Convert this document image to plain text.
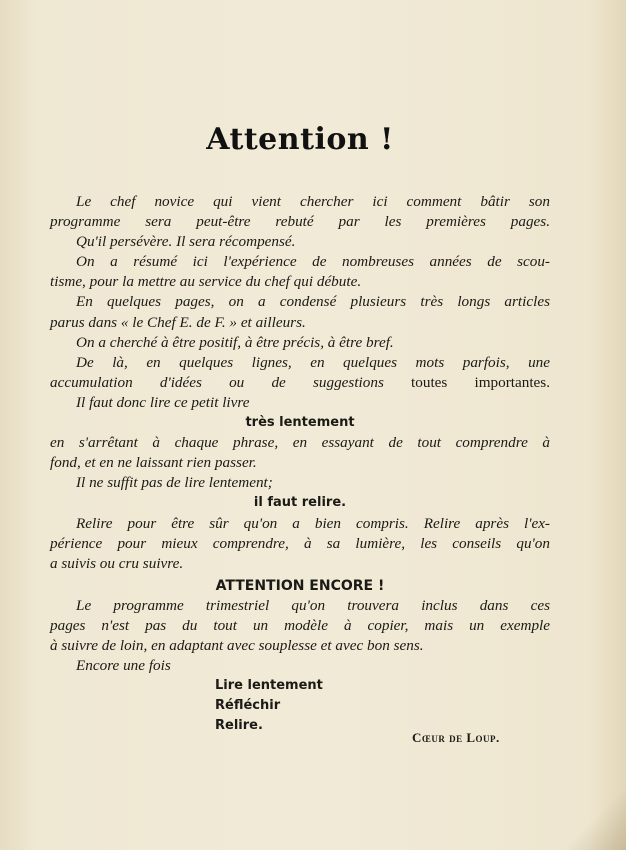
Attention !
Le chef novice qui vient chercher ici comment bâtir son
programme sera peut-être rebuté par les premières pages.
Qu'il persévère. Il sera récompensé.
On a résumé ici l'expérience de nombreuses années de scou-
tisme, pour la mettre au service du chef qui débute.
En quelques pages, on a condensé plusieurs très longs articles
parus dans « le Chef E. de F. » et ailleurs.
On a cherché à être positif, à être précis, à être bref.
De là, en quelques lignes, en quelques mots parfois, une
accumulation d'idées ou de suggestions toutes importantes.
Il faut donc lire ce petit livre
très lentement
en s'arrêtant à chaque phrase, en essayant de tout comprendre à
fond, et en ne laissant rien passer.
Il ne suffit pas de lire lentement;
il faut relire.
Relire pour être sûr qu'on a bien compris. Relire après l'ex-
périence pour mieux comprendre, à sa lumière, les conseils qu'on
a suivis ou cru suivre.
ATTENTION ENCORE !
Le programme trimestriel qu'on trouvera inclus dans ces
pages n'est pas du tout un modèle à copier, mais un exemple
à suivre de loin, en adaptant avec souplesse et avec bon sens.
Encore une fois
Lire lentement
Réfléchir
Relire.
Cœur de Loup.
